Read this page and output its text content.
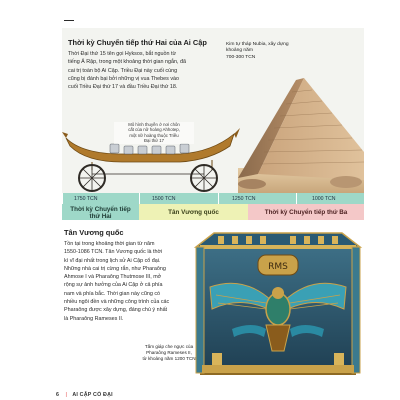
Thời kỳ Chuyển tiếp thứ Hai của Ai Cập
Thời Đại thứ 15 tên gọi Hyksos, bắt nguồn từ
tiếng Ả Rập, trong một khoảng thời gian ngắn, đã
cai trị toàn bộ Ai Cập. Triều Đại này cuối cùng
cũng bị đánh bại bởi những vị vua Thebes vào
cuối Triều Đại thứ 17 và đầu Triều Đại thứ 18.
Kim tự tháp Nubia, xây dựng
khoảng năm
700-300 TCN
Mô hình thuyền ở nơi chôn
cất của nữ hoàng Ahhotep,
một nữ hoàng thuộc Triều
Đại thứ 17
1750 TCN	1500 TCN	1250 TCN	1000 TCN
Thời kỳ Chuyển tiếp
thứ Hai
Tân Vương quốc	Thời kỳ Chuyển tiếp thứ Ba
Tân Vương quốc
Tồn tại trong khoảng thời gian từ năm
1550-1086 TCN. Tân Vương quốc là thời
kì vĩ đại nhất trong lịch sử Ai Cập cổ đại.
Những nhà cai trị cừng rắn, như Pharaông
Ahmose I và Pharaông Thutmose III, mở
rộng sự ảnh hưởng của Ai Cập ở cả phía
nam và phía bắc. Thời gian này cũng có
nhiều ngôi đền và những công trình của các
Pharaông được xây dựng, đáng chú ý nhất
là Pharaông Rameses II.
RMS
Tấm giáp che ngực của
Pharaông Rameses II,
từ khoảng năm 1200 TCN
6 | AI CẬP CỔ ĐẠI
